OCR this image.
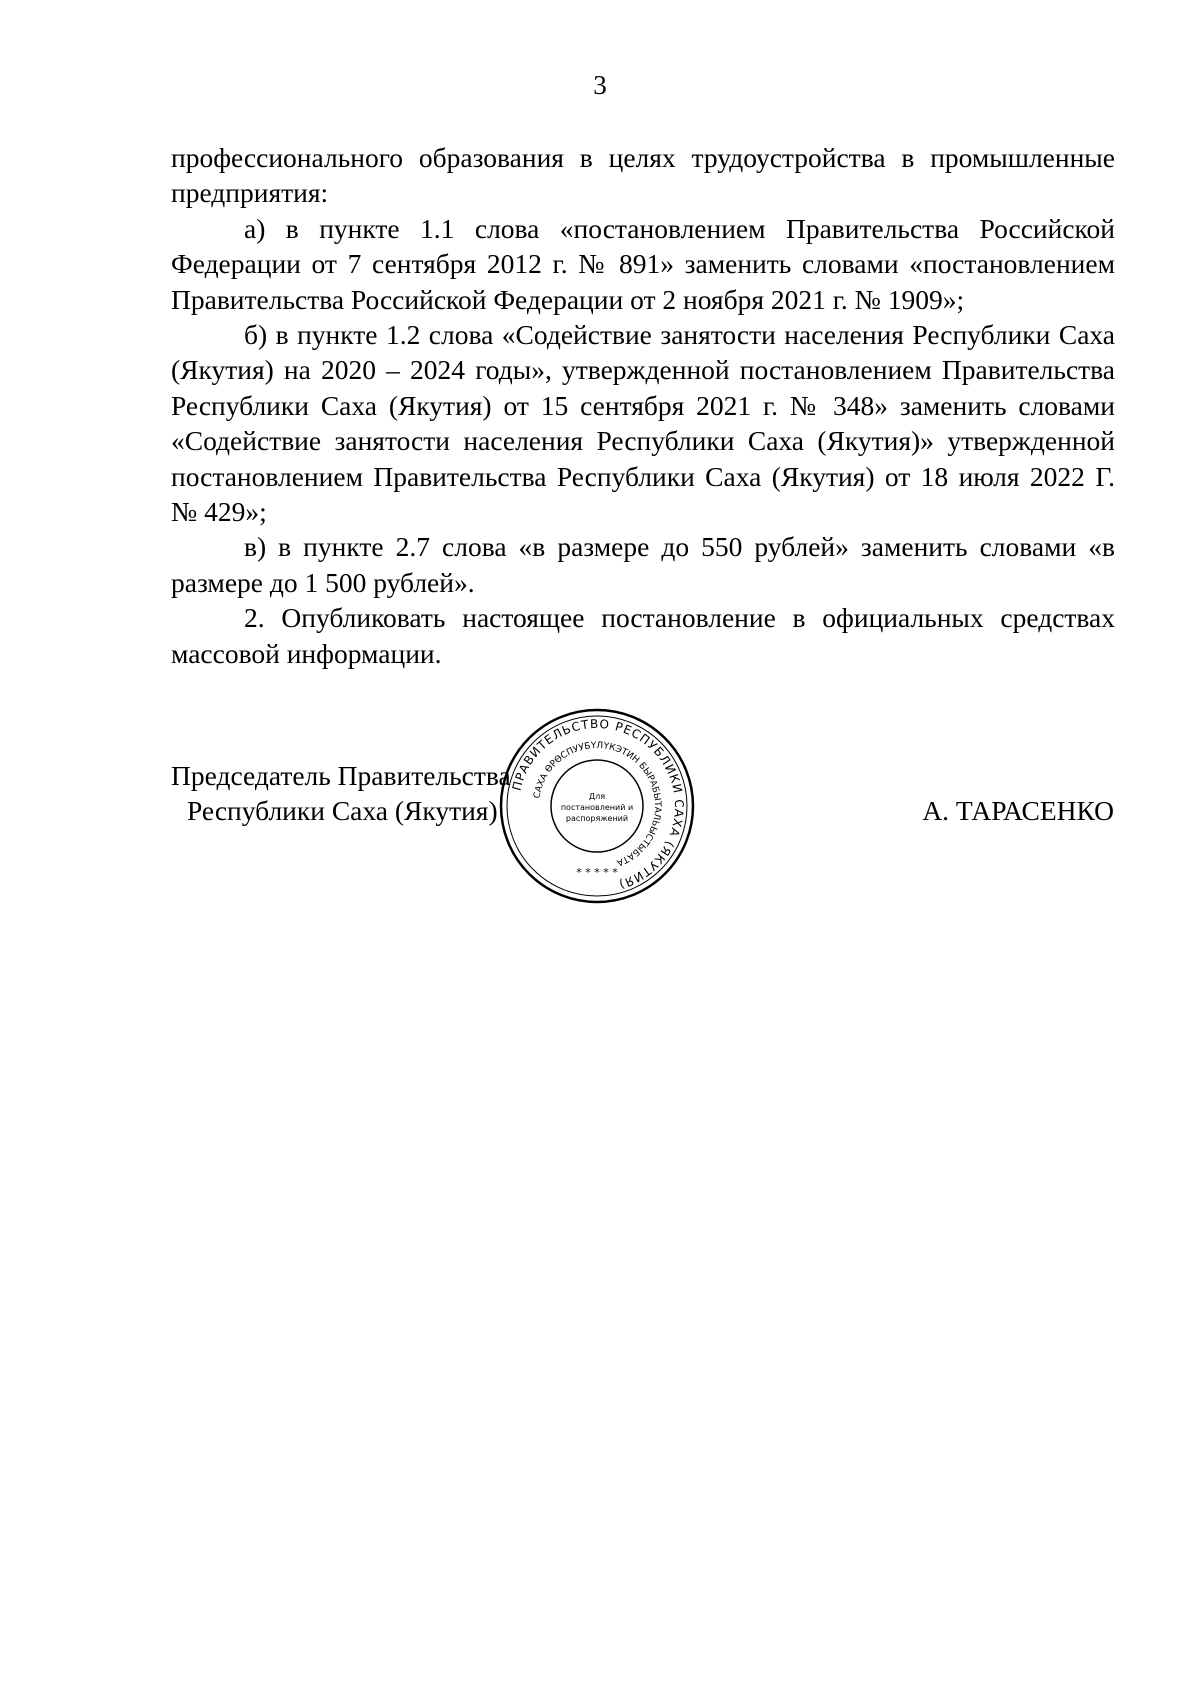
3

профессионального образования в целях трудоустройства в промышленные предприятия:

а) в пункте 1.1 слова «постановлением Правительства Российской Федерации от 7 сентября 2012 г. № 891» заменить словами «постановлением Правительства Российской Федерации от 2 ноября 2021 г. № 1909»;

б) в пункте 1.2 слова «Содействие занятости населения Республики Саха (Якутия) на 2020 – 2024 годы», утвержденной постановлением Правительства Республики Саха (Якутия) от 15 сентября 2021 г. № 348» заменить словами «Содействие занятости населения Республики Саха (Якутия)» утвержденной постановлением Правительства Республики Саха (Якутия) от 18 июля 2022 Г. № 429»;

в) в пункте 2.7 слова «в размере до 550 рублей» заменить словами «в размере до 1 500 рублей».

2. Опубликовать настоящее постановление в официальных средствах массовой информации.

Председатель Правительства
Республики Саха (Якутия)	А. ТАРАСЕНКО
ПРАВИТЕЛЬСТВО РЕСПУБЛИКИ САХА (ЯКУТИЯ)
САХА ӨРӨСПУУБҮЛҮКЭТИН БЫРАБЫТАЛЬЫСТЫБАТА
Для
постановлений и
распоряжений
* * * * *
